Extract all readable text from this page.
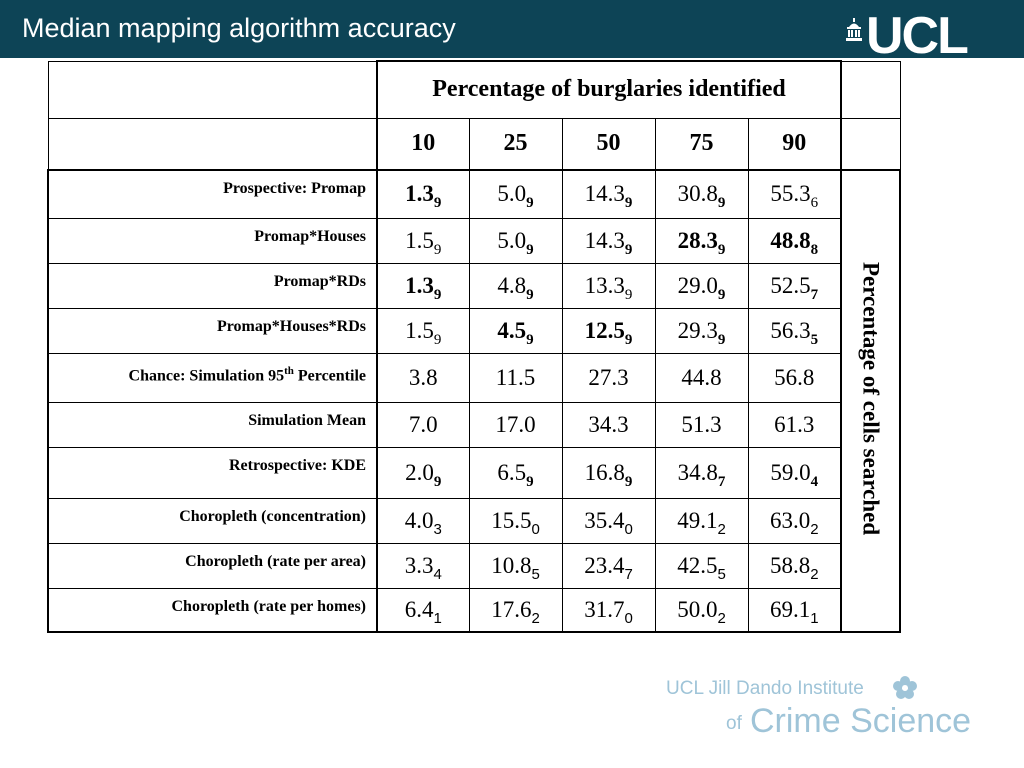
Median mapping algorithm accuracy	UCL
	Percentage of burglaries identified					
	10	25	50	75	90	
Prospective: Promap	$1.3_9$	$5.0_9$	$14.3_9$	$30.8_9$	$55.3_6$	Percentage of cells searched
Promap*Houses	$1.5_9$	$5.0_9$	$14.3_9$	$28.3_9$	$48.8_8$
Promap*RDs	$1.3_9$	$4.8_9$	$13.3_9$	$29.0_9$	$52.5_7$
Promap*Houses*RDs	$1.5_9$	$4.5_9$	$12.5_9$	$29.3_9$	$56.3_5$
Chance: Simulation 95th Percentile	3.8	11.5	27.3	44.8	56.8	
Simulation Mean	7.0	17.0	34.3	51.3	61.3	
Retrospective: KDE	$2.0_9$	$6.5_9$	$16.8_9$	$34.8_7$	$59.0_4$
Choropleth (concentration)	$4.0_3$	$15.5_0$	$35.4_0$	$49.1_2$	$63.0_2$
Choropleth (rate per area)	$3.3_4$	$10.8_5$	$23.4_7$	$42.5_5$	$58.8_2$
Choropleth (rate per homes)	$6.4_1$	$17.6_2$	$31.7_0$	$50.0_2$	$69.1_1$
UCL Jill Dando Institute
of Crime Science
